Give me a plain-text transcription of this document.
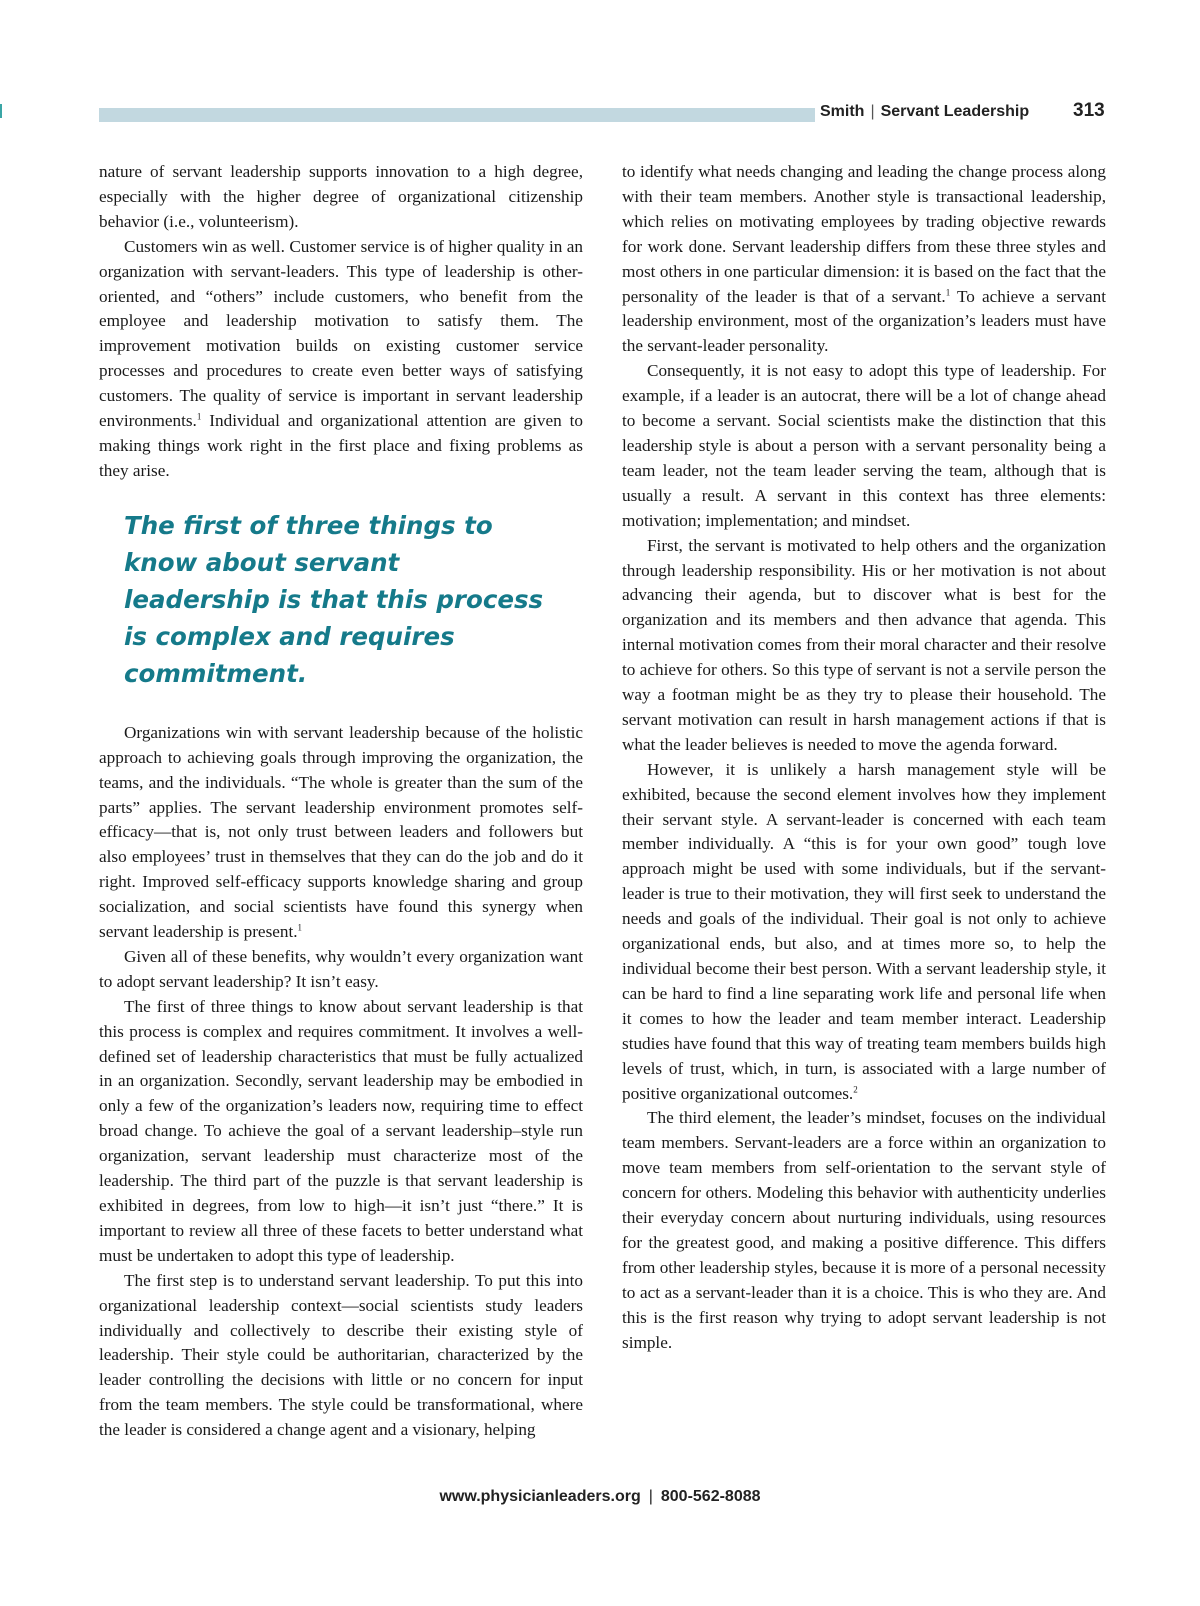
Smith | Servant Leadership 313

nature of servant leadership supports innovation to a high degree, especially with the higher degree of organizational citizenship behavior (i.e., volunteerism).

Customers win as well. Customer service is of higher quality in an organization with servant-leaders. This type of leadership is other-oriented, and “others” include customers, who benefit from the employee and leadership motivation to satisfy them. The improvement motivation builds on existing customer service processes and procedures to create even better ways of satisfying customers. The quality of service is important in servant leadership environments.$^1$ Individual and organizational attention are given to making things work right in the first place and fixing problems as they arise.

The first of three things to know about servant leadership is that this process is complex and requires commitment.

Organizations win with servant leadership because of the holistic approach to achieving goals through improving the organization, the teams, and the individuals. “The whole is greater than the sum of the parts” applies. The servant leadership environment promotes self-efficacy—that is, not only trust between leaders and followers but also employees’ trust in themselves that they can do the job and do it right. Improved self-efficacy supports knowledge sharing and group socialization, and social scientists have found this synergy when servant leadership is present.$^1$

Given all of these benefits, why wouldn’t every organization want to adopt servant leadership? It isn’t easy.

The first of three things to know about servant leadership is that this process is complex and requires commitment. It involves a well-defined set of leadership characteristics that must be fully actualized in an organization. Secondly, servant leadership may be embodied in only a few of the organization’s leaders now, requiring time to effect broad change. To achieve the goal of a servant leadership–style run organization, servant leadership must characterize most of the leadership. The third part of the puzzle is that servant leadership is exhibited in degrees, from low to high—it isn’t just “there.” It is important to review all three of these facets to better understand what must be undertaken to adopt this type of leadership.

The first step is to understand servant leadership. To put this into organizational leadership context—social scientists study leaders individually and collectively to describe their existing style of leadership. Their style could be authoritarian, characterized by the leader controlling the decisions with little or no concern for input from the team members. The style could be transformational, where the leader is considered a change agent and a visionary, helping

to identify what needs changing and leading the change process along with their team members. Another style is transactional leadership, which relies on motivating employees by trading objective rewards for work done. Servant leadership differs from these three styles and most others in one particular dimension: it is based on the fact that the personality of the leader is that of a servant.$^1$ To achieve a servant leadership environment, most of the organization’s leaders must have the servant-leader personality.

Consequently, it is not easy to adopt this type of leadership. For example, if a leader is an autocrat, there will be a lot of change ahead to become a servant. Social scientists make the distinction that this leadership style is about a person with a servant personality being a team leader, not the team leader serving the team, although that is usually a result. A servant in this context has three elements: motivation; implementation; and mindset.

First, the servant is motivated to help others and the organization through leadership responsibility. His or her motivation is not about advancing their agenda, but to discover what is best for the organization and its members and then advance that agenda. This internal motivation comes from their moral character and their resolve to achieve for others. So this type of servant is not a servile person the way a footman might be as they try to please their household. The servant motivation can result in harsh management actions if that is what the leader believes is needed to move the agenda forward.

However, it is unlikely a harsh management style will be exhibited, because the second element involves how they implement their servant style. A servant-leader is concerned with each team member individually. A “this is for your own good” tough love approach might be used with some individuals, but if the servant-leader is true to their motivation, they will first seek to understand the needs and goals of the individual. Their goal is not only to achieve organizational ends, but also, and at times more so, to help the individual become their best person. With a servant leadership style, it can be hard to find a line separating work life and personal life when it comes to how the leader and team member interact. Leadership studies have found that this way of treating team members builds high levels of trust, which, in turn, is associated with a large number of positive organizational outcomes.$^2$

The third element, the leader’s mindset, focuses on the individual team members. Servant-leaders are a force within an organization to move team members from self-orientation to the servant style of concern for others. Modeling this behavior with authenticity underlies their everyday concern about nurturing individuals, using resources for the greatest good, and making a positive difference. This differs from other leadership styles, because it is more of a personal necessity to act as a servant-leader than it is a choice. This is who they are. And this is the first reason why trying to adopt servant leadership is not simple.

www.physicianleaders.org | 800-562-8088
